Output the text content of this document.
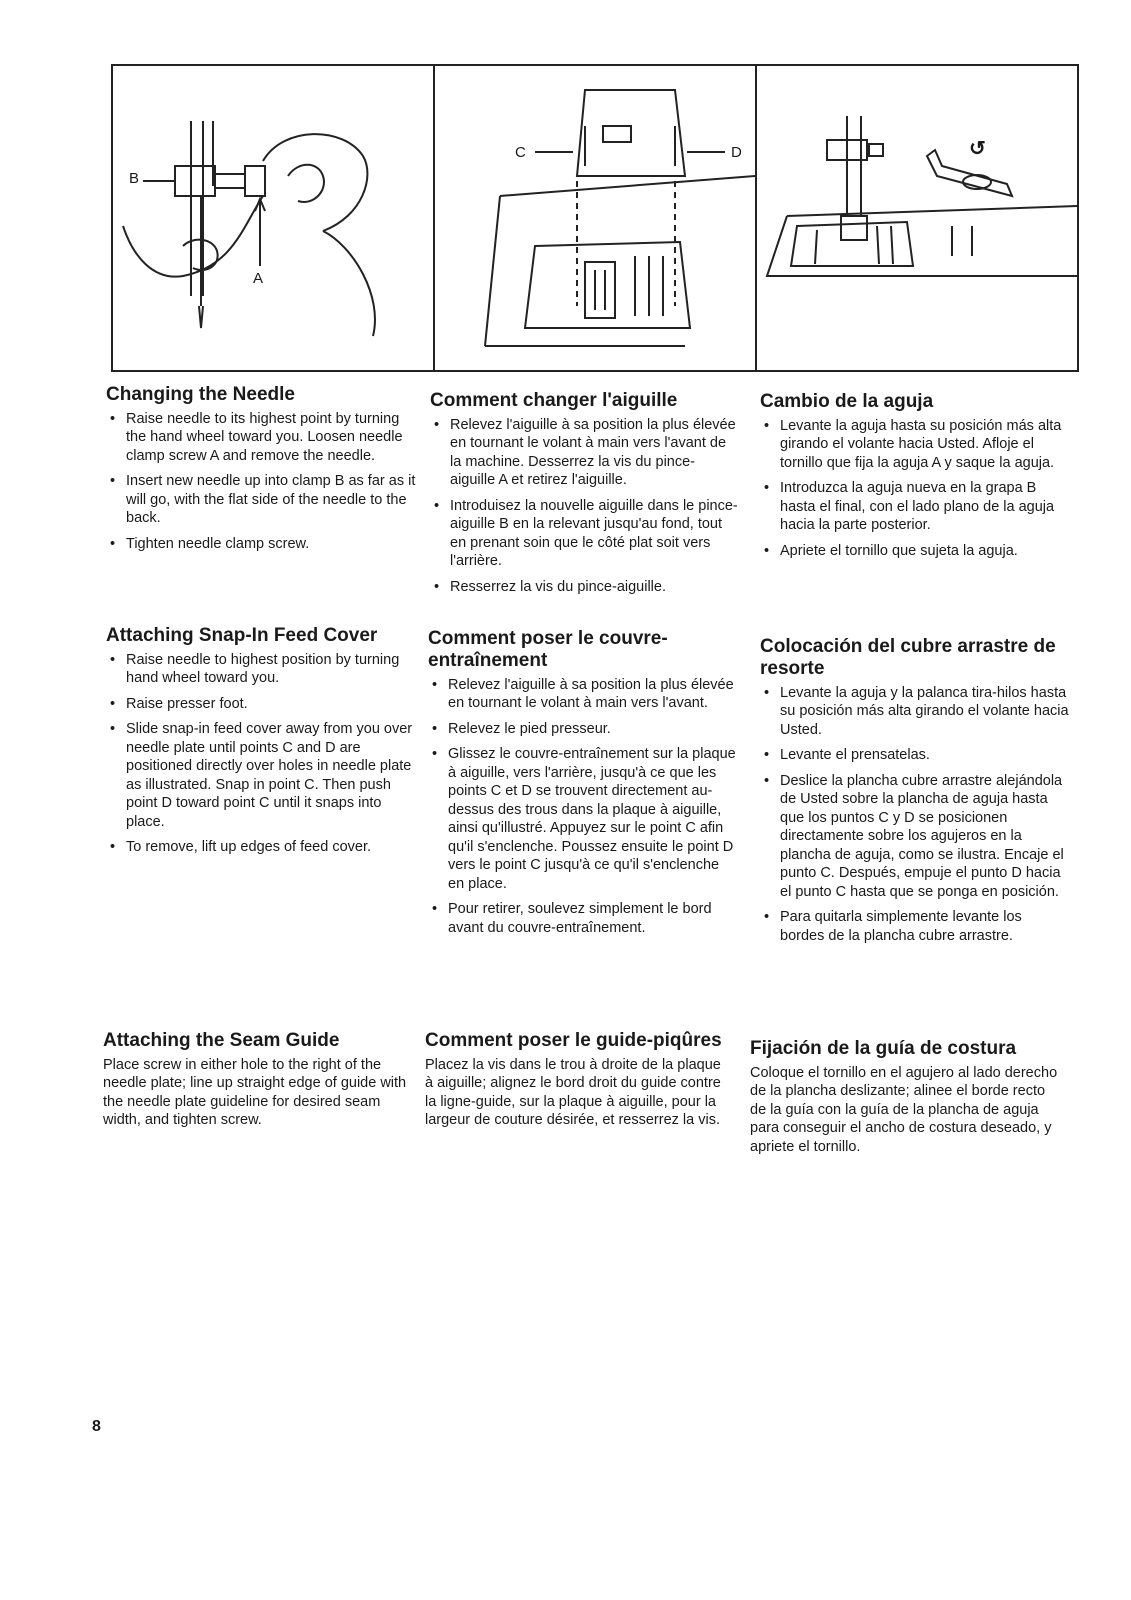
B
A
C	D	↺
Changing the Needle
• Raise needle to its highest point by turning the hand wheel toward you. Loosen needle clamp screw A and remove the needle.
• Insert new needle up into clamp B as far as it will go, with the flat side of the needle to the back.
• Tighten needle clamp screw.
Attaching Snap-In Feed Cover
• Raise needle to highest position by turning hand wheel toward you.
• Raise presser foot.
• Slide snap-in feed cover away from you over needle plate until points C and D are positioned directly over holes in needle plate as illustrated. Snap in point C. Then push point D toward point C until it snaps into place.
• To remove, lift up edges of feed cover.
Attaching the Seam Guide

Place screw in either hole to the right of the needle plate; line up straight edge of guide with the needle plate guideline for desired seam width, and tighten screw.

Comment changer l'aiguille
• Relevez l'aiguille à sa position la plus élevée en tournant le volant à main vers l'avant de la machine. Desserrez la vis du pince-aiguille A et retirez l'aiguille.
• Introduisez la nouvelle aiguille dans le pince-aiguille B en la relevant jusqu'au fond, tout en prenant soin que le côté plat soit vers l'arrière.
• Resserrez la vis du pince-aiguille.
Comment poser le couvre-entraînement
• Relevez l'aiguille à sa position la plus élevée en tournant le volant à main vers l'avant.
• Relevez le pied presseur.
• Glissez le couvre-entraînement sur la plaque à aiguille, vers l'arrière, jusqu'à ce que les points C et D se trouvent directement au-dessus des trous dans la plaque à aiguille, ainsi qu'illustré. Appuyez sur le point C afin qu'il s'enclenche. Poussez ensuite le point D vers le point C jusqu'à ce qu'il s'enclenche en place.
• Pour retirer, soulevez simplement le bord avant du couvre-entraînement.
Comment poser le guide-piqûres

Placez la vis dans le trou à droite de la plaque à aiguille; alignez le bord droit du guide contre la ligne-guide, sur la plaque à aiguille, pour la largeur de couture désirée, et resserrez la vis.

Cambio de la aguja
• Levante la aguja hasta su posición más alta girando el volante hacia Usted. Afloje el tornillo que fija la aguja A y saque la aguja.
• Introduzca la aguja nueva en la grapa B hasta el final, con el lado plano de la aguja hacia la parte posterior.
• Apriete el tornillo que sujeta la aguja.
Colocación del cubre arrastre de resorte
• Levante la aguja y la palanca tira-hilos hasta su posición más alta girando el volante hacia Usted.
• Levante el prensatelas.
• Deslice la plancha cubre arrastre alejándola de Usted sobre la plancha de aguja hasta que los puntos C y D se posicionen directamente sobre los agujeros en la plancha de aguja, como se ilustra. Encaje el punto C. Después, empuje el punto D hacia el punto C hasta que se ponga en posición.
• Para quitarla simplemente levante los bordes de la plancha cubre arrastre.
Fijación de la guía de costura

Coloque el tornillo en el agujero al lado derecho de la plancha deslizante; alinee el borde recto de la guía con la guía de la plancha de aguja para conseguir el ancho de costura deseado, y apriete el tornillo.

8
